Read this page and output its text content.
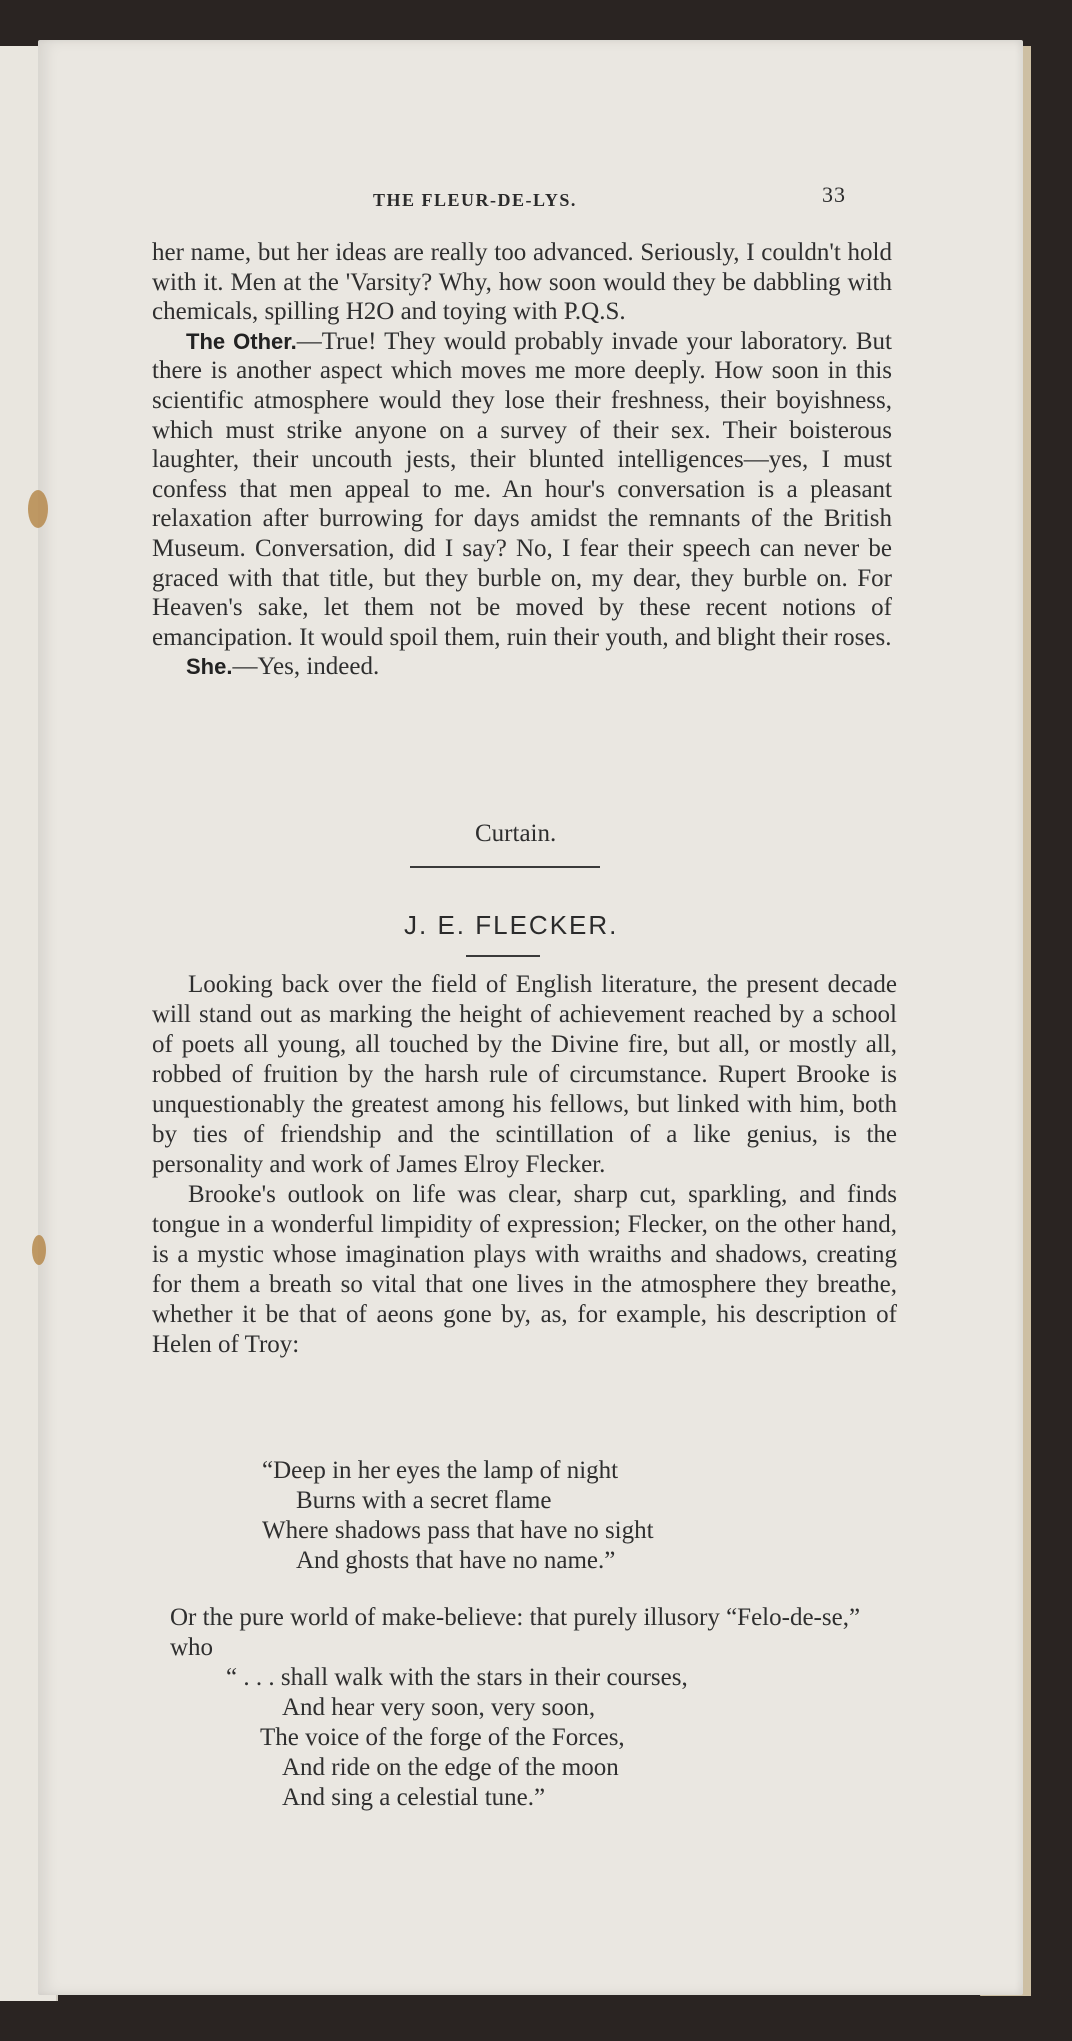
THE FLEUR-DE-LYS.	33

her name, but her ideas are really too advanced. Seriously, I couldn't hold with it. Men at the 'Varsity? Why, how soon would they be dabbling with chemicals, spilling H2O and toying with P.Q.S.

The Other.—True! They would probably invade your laboratory. But there is another aspect which moves me more deeply. How soon in this scientific atmosphere would they lose their freshness, their boyishness, which must strike anyone on a survey of their sex. Their boisterous laughter, their uncouth jests, their blunted intelligences—yes, I must confess that men appeal to me. An hour's conversation is a pleasant relaxation after burrowing for days amidst the remnants of the British Museum. Conversation, did I say? No, I fear their speech can never be graced with that title, but they burble on, my dear, they burble on. For Heaven's sake, let them not be moved by these recent notions of emancipation. It would spoil them, ruin their youth, and blight their roses.

She.—Yes, indeed.

Curtain.
J. E. FLECKER.

Looking back over the field of English literature, the present decade will stand out as marking the height of achievement reached by a school of poets all young, all touched by the Divine fire, but all, or mostly all, robbed of fruition by the harsh rule of circumstance. Rupert Brooke is unquestionably the greatest among his fellows, but linked with him, both by ties of friendship and the scintillation of a like genius, is the personality and work of James Elroy Flecker.

Brooke's outlook on life was clear, sharp cut, sparkling, and finds tongue in a wonderful limpidity of expression; Flecker, on the other hand, is a mystic whose imagination plays with wraiths and shadows, creating for them a breath so vital that one lives in the atmosphere they breathe, whether it be that of aeons gone by, as, for example, his description of Helen of Troy:

“Deep in her eyes the lamp of night
Burns with a secret flame
Where shadows pass that have no sight
And ghosts that have no name.”
Or the pure world of make-believe: that purely illusory “Felo-de-se,” who
“ . . . shall walk with the stars in their courses,
And hear very soon, very soon,
The voice of the forge of the Forces,
And ride on the edge of the moon
And sing a celestial tune.”
